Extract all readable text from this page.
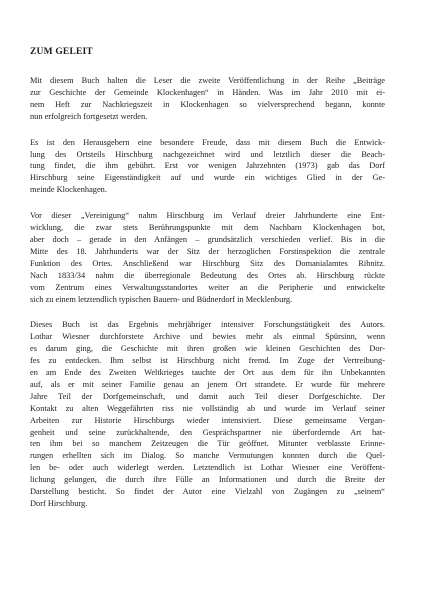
ZUM GELEIT
Mit diesem Buch halten die Leser die zweite Veröffentlichung in der Reihe „Beiträge
zur Geschichte der Gemeinde Klockenhagen“ in Händen. Was im Jahr 2010 mit ei-
nem Heft zur Nachkriegszeit in Klockenhagen so vielversprechend begann, konnte
nun erfolgreich fortgesetzt werden.
Es ist den Herausgebern eine besondere Freude, dass mit diesem Buch die Entwick-
lung des Ortsteils Hirschburg nachgezeichnet wird und letztlich dieser die Beach-
tung findet, die ihm gebührt. Erst vor wenigen Jahrzehnten (1973) gab das Dorf
Hirschburg seine Eigenständigkeit auf und wurde ein wichtiges Glied in der Ge-
meinde Klockenhagen.
Vor dieser „Vereinigung“ nahm Hirschburg im Verlauf dreier Jahrhunderte eine Ent-
wicklung, die zwar stets Berührungspunkte mit dem Nachbarn Klockenhagen bot,
aber doch – gerade in den Anfängen – grundsätzlich verschieden verlief. Bis in die
Mitte des 18. Jahrhunderts war der Sitz der herzoglichen Forstinspektion die zentrale
Funktion des Ortes. Anschließend war Hirschburg Sitz des Domanialamtes Ribnitz.
Nach 1833/34 nahm die überregionale Bedeutung des Ortes ab. Hirschburg rückte
vom Zentrum eines Verwaltungsstandortes weiter an die Peripherie und entwickelte
sich zu einem letztendlich typischen Bauern- und Büdnerdorf in Mecklenburg.
Dieses Buch ist das Ergebnis mehrjähriger intensiver Forschungstätigkeit des Autors.
Lothar Wiesner durchforstete Archive und bewies mehr als einmal Spürsinn, wenn
es darum ging, die Geschichte mit ihren großen wie kleinen Geschichten des Dor-
fes zu entdecken. Ihm selbst ist Hirschburg nicht fremd. Im Zuge der Vertreibung-
en am Ende des Zweiten Weltkrieges tauchte der Ort aus dem für ihn Unbekannten
auf, als er mit seiner Familie genau an jenem Ort strandete. Er wurde für mehrere
Jahre Teil der Dorfgemeinschaft, und damit auch Teil dieser Dorfgeschichte. Der
Kontakt zu alten Weggefährten riss nie vollständig ab und wurde im Verlauf seiner
Arbeiten zur Historie Hirschburgs wieder intensiviert. Diese gemeinsame Vergan-
genheit und seine zurückhaltende, den Gesprächspartner nie überfordernde Art hat-
ten ihm bei so manchem Zeitzeugen die Tür geöffnet. Mitunter verblasste Erinne-
rungen erhellten sich im Dialog. So manche Vermutungen konnten durch die Quel-
len be- oder auch widerlegt werden. Letztendlich ist Lothar Wiesner eine Veröffent-
lichung gelungen, die durch ihre Fülle an Informationen und durch die Breite der
Darstellung besticht. So findet der Autor eine Vielzahl von Zugängen zu „seinem“
Dorf Hirschburg.
